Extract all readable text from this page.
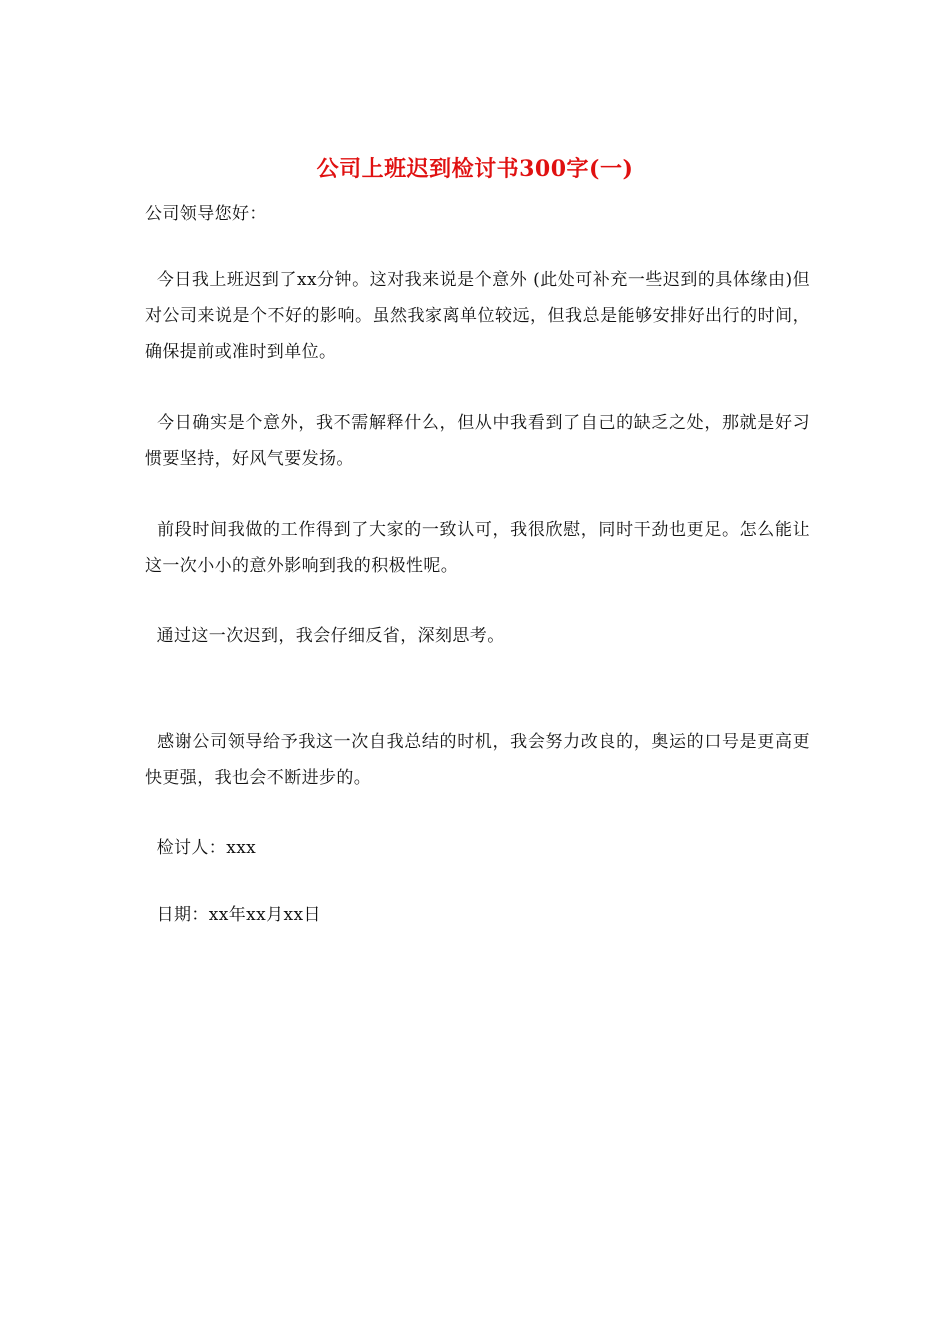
公司上班迟到检讨书300字(一)

公司领导您好：

今日我上班迟到了xx分钟。这对我来说是个意外 (此处可补充一些迟到的具体缘由)但对公司来说是个不好的影响。虽然我家离单位较远，但我总是能够安排好出行的时间，确保提前或准时到单位。

今日确实是个意外，我不需解释什么，但从中我看到了自己的缺乏之处，那就是好习惯要坚持，好风气要发扬。

前段时间我做的工作得到了大家的一致认可，我很欣慰，同时干劲也更足。怎么能让这一次小小的意外影响到我的积极性呢。

通过这一次迟到，我会仔细反省，深刻思考。

感谢公司领导给予我这一次自我总结的时机，我会努力改良的，奥运的口号是更高更快更强，我也会不断进步的。

检讨人：xxx

日期：xx年xx月xx日
